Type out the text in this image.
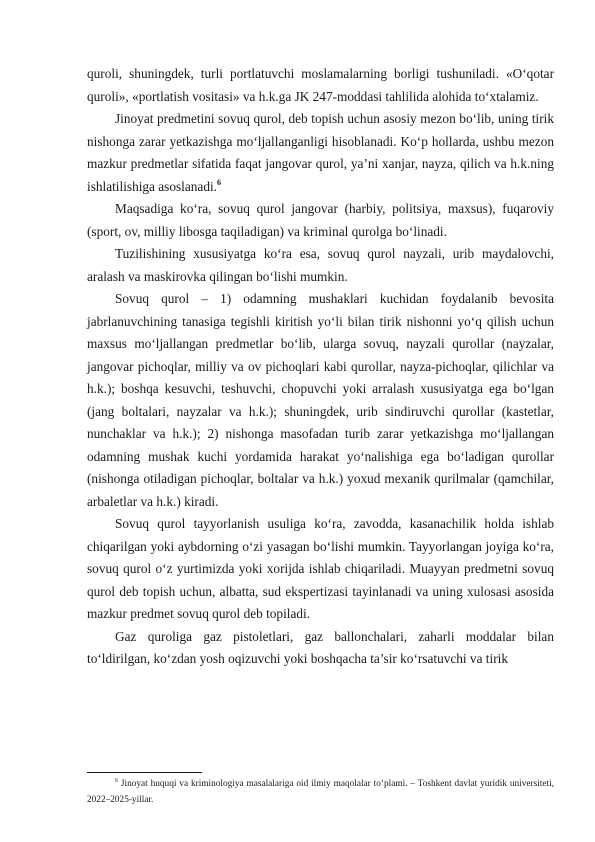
quroli, shuningdek, turli portlatuvchi moslamalarning borligi tushuniladi. «O‘qotar quroli», «portlatish vositasi» va h.k.ga JK 247-moddasi tahlilida alohida to‘xtalamiz.

Jinoyat predmetini sovuq qurol, deb topish uchun asosiy mezon bo‘lib, uning tirik nishonga zarar yetkazishga mo‘ljallanganligi hisoblanadi. Ko‘p hollarda, ushbu mezon mazkur predmetlar sifatida faqat jangovar qurol, ya’ni xanjar, nayza, qilich va h.k.ning ishlatilishiga asoslanadi.$^6$

Maqsadiga ko‘ra, sovuq qurol jangovar (harbiy, politsiya, maxsus), fuqaroviy (sport, ov, milliy libosga taqiladigan) va kriminal qurolga bo‘linadi.

Tuzilishining xususiyatga ko‘ra esa, sovuq qurol nayzali, urib maydalovchi, aralash va maskirovka qilingan bo‘lishi mumkin.

Sovuq qurol – 1) odamning mushaklari kuchidan foydalanib bevosita jabrlanuvchining tanasiga tegishli kiritish yo‘li bilan tirik nishonni yo‘q qilish uchun maxsus mo‘ljallangan predmetlar bo‘lib, ularga sovuq, nayzali qurollar (nayzalar, jangovar pichoqlar, milliy va ov pichoqlari kabi qurollar, nayza-pichoqlar, qilichlar va h.k.); boshqa kesuvchi, teshuvchi, chopuvchi yoki arralash xususiyatga ega bo‘lgan (jang boltalari, nayzalar va h.k.); shuningdek, urib sindiruvchi qurollar (kastetlar, nunchaklar va h.k.); 2) nishonga masofadan turib zarar yetkazishga mo‘ljallangan odamning mushak kuchi yordamida harakat yo‘nalishiga ega bo‘ladigan qurollar (nishonga otiladigan pichoqlar, boltalar va h.k.) yoxud mexanik qurilmalar (qamchilar, arbaletlar va h.k.) kiradi.

Sovuq qurol tayyorlanish usuliga ko‘ra, zavodda, kasanachilik holda ishlab chiqarilgan yoki aybdorning o‘zi yasagan bo‘lishi mumkin. Tayyorlangan joyiga ko‘ra, sovuq qurol o‘z yurtimizda yoki xorijda ishlab chiqariladi. Muayyan predmetni sovuq qurol deb topish uchun, albatta, sud ekspertizasi tayinlanadi va uning xulosasi asosida mazkur predmet sovuq qurol deb topiladi.

Gaz quroliga gaz pistoletlari, gaz ballonchalari, zaharli moddalar bilan to‘ldirilgan, ko‘zdan yosh oqizuvchi yoki boshqacha ta’sir ko‘rsatuvchi va tirik

$^6$ Jinoyat huquqi va kriminologiya masalalariga oid ilmiy maqolalar to‘plami. – Toshkent davlat yuridik universiteti, 2022–2025-yillar.
